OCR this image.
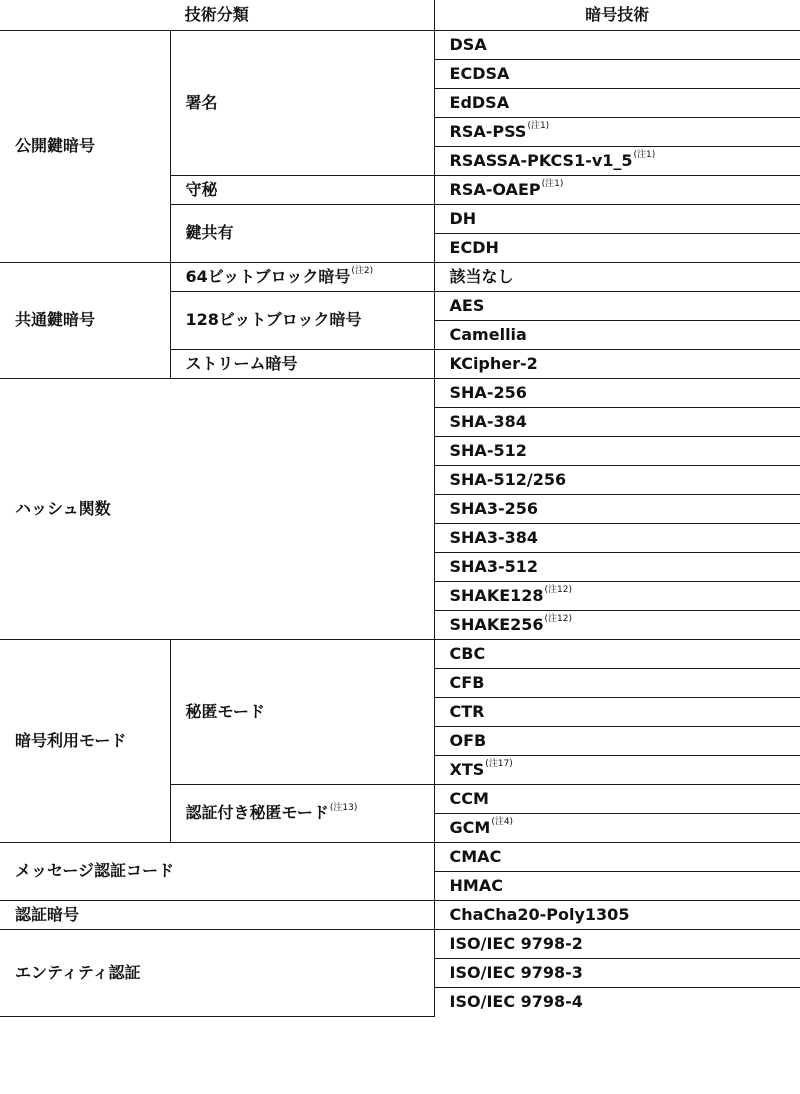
技術分類		暗号技術
公開鍵暗号	署名	DSA
		ECDSA
		EdDSA
		RSA-PSS$^{(注1)}$
		RSASSA-PKCS1-v1_5$^{(注1)}$
	守秘	RSA-OAEP$^{(注1)}$
	鍵共有	DH
		ECDH
共通鍵暗号	64ビットブロック暗号$^{(注2)}$	該当なし
	128ビットブロック暗号	AES
		Camellia
	ストリーム暗号	KCipher-2
ハッシュ関数		SHA-256
		SHA-384
		SHA-512
		SHA-512/256
		SHA3-256
		SHA3-384
		SHA3-512
		SHAKE128$^{(注12)}$
		SHAKE256$^{(注12)}$
暗号利用モード	秘匿モード	CBC
		CFB
		CTR
		OFB
		XTS$^{(注17)}$
	認証付き秘匿モード$^{(注13)}$	CCM
		GCM$^{(注4)}$
メッセージ認証コード		CMAC
		HMAC
認証暗号		ChaCha20-Poly1305
エンティティ認証		ISO/IEC 9798-2
		ISO/IEC 9798-3
		ISO/IEC 9798-4
